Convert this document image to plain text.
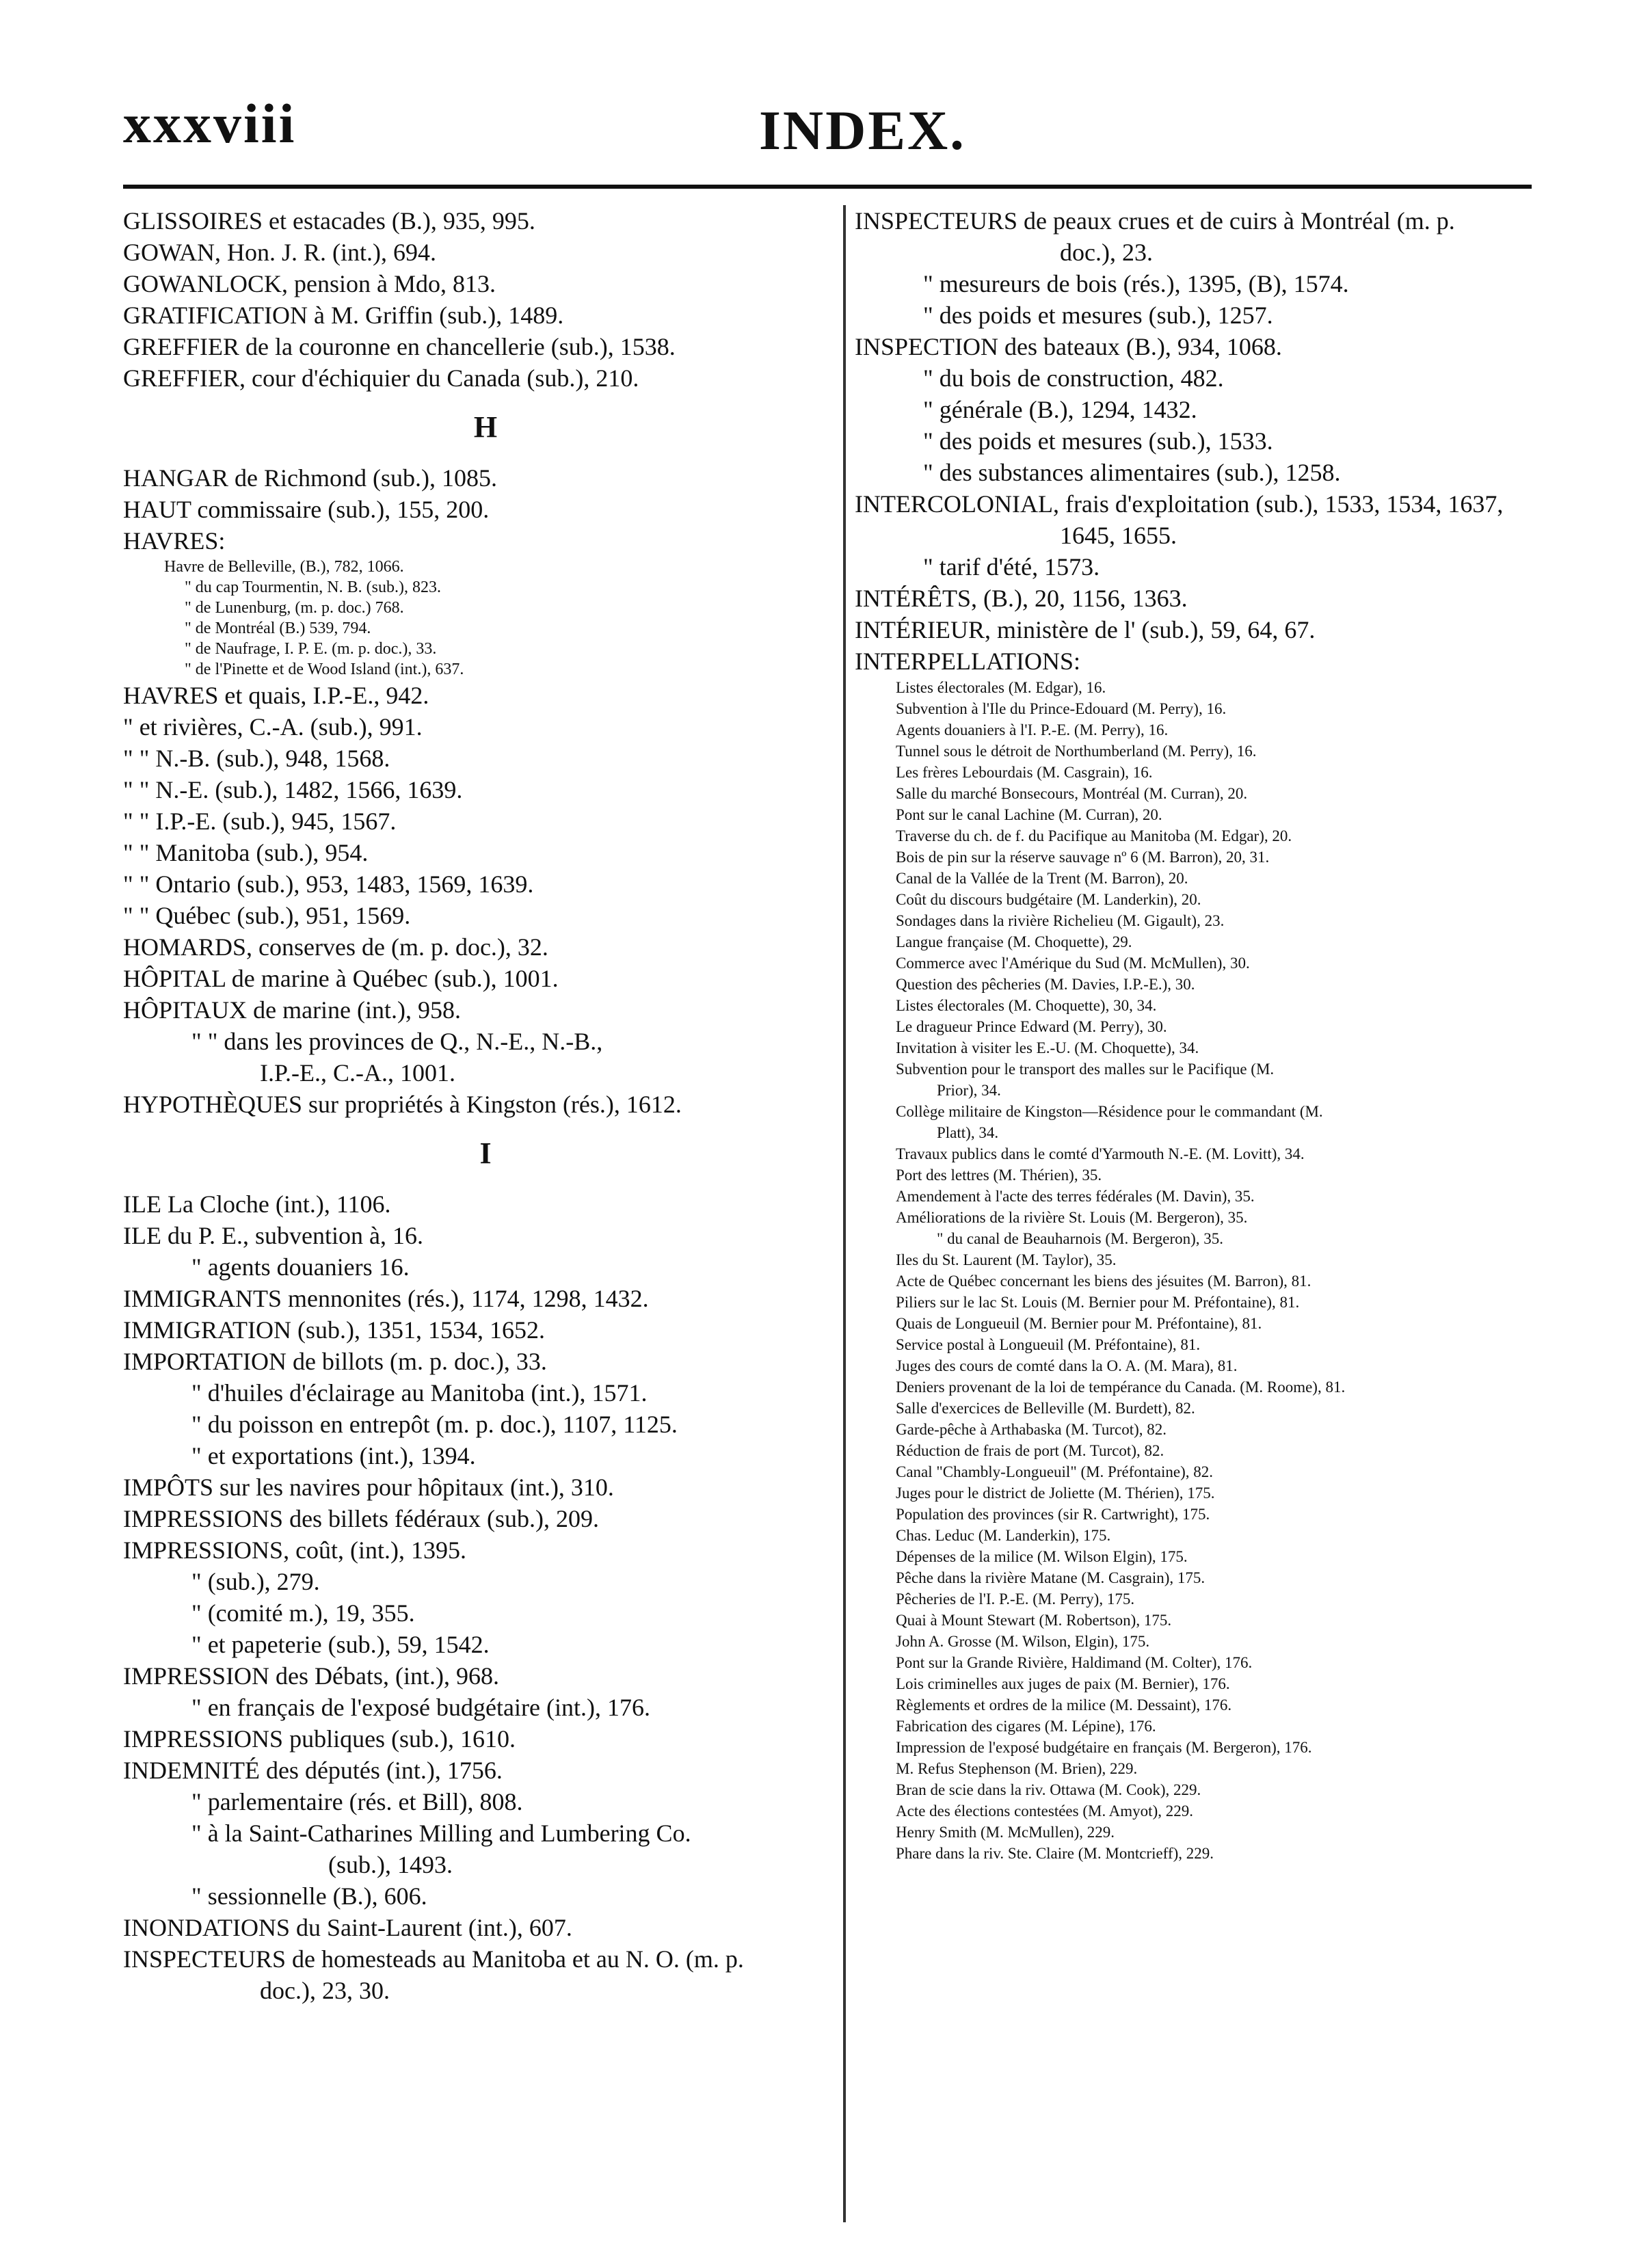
xxxviii	INDEX.
GLISSOIRES et estacades (B.), 935, 995.
GOWAN, Hon. J. R. (int.), 694.
GOWANLOCK, pension à Mdo, 813.
GRATIFICATION à M. Griffin (sub.), 1489.
GREFFIER de la couronne en chancellerie (sub.), 1538.
GREFFIER, cour d'échiquier du Canada (sub.), 210.
H
HANGAR de Richmond (sub.), 1085.
HAUT commissaire (sub.), 155, 200.
HAVRES:
Havre de Belleville, (B.), 782, 1066.
" du cap Tourmentin, N. B. (sub.), 823.
" de Lunenburg, (m. p. doc.) 768.
" de Montréal (B.) 539, 794.
" de Naufrage, I. P. E. (m. p. doc.), 33.
" de l'Pinette et de Wood Island (int.), 637.
HAVRES et quais, I.P.-E., 942.
" et rivières, C.-A. (sub.), 991.
" " N.-B. (sub.), 948, 1568.
" " N.-E. (sub.), 1482, 1566, 1639.
" " I.P.-E. (sub.), 945, 1567.
" " Manitoba (sub.), 954.
" " Ontario (sub.), 953, 1483, 1569, 1639.
" " Québec (sub.), 951, 1569.
HOMARDS, conserves de (m. p. doc.), 32.
HÔPITAL de marine à Québec (sub.), 1001.
HÔPITAUX de marine (int.), 958.
" " dans les provinces de Q., N.-E., N.-B.,
I.P.-E., C.-A., 1001.
HYPOTHÈQUES sur propriétés à Kingston (rés.), 1612.
I
ILE La Cloche (int.), 1106.
ILE du P. E., subvention à, 16.
" agents douaniers 16.
IMMIGRANTS mennonites (rés.), 1174, 1298, 1432.
IMMIGRATION (sub.), 1351, 1534, 1652.
IMPORTATION de billots (m. p. doc.), 33.
" d'huiles d'éclairage au Manitoba (int.), 1571.
" du poisson en entrepôt (m. p. doc.), 1107, 1125.
" et exportations (int.), 1394.
IMPÔTS sur les navires pour hôpitaux (int.), 310.
IMPRESSIONS des billets fédéraux (sub.), 209.
IMPRESSIONS, coût, (int.), 1395.
" (sub.), 279.
" (comité m.), 19, 355.
" et papeterie (sub.), 59, 1542.
IMPRESSION des Débats, (int.), 968.
" en français de l'exposé budgétaire (int.), 176.
IMPRESSIONS publiques (sub.), 1610.
INDEMNITÉ des députés (int.), 1756.
" parlementaire (rés. et Bill), 808.
" à la Saint-Catharines Milling and Lumbering Co.
(sub.), 1493.
" sessionnelle (B.), 606.
INONDATIONS du Saint-Laurent (int.), 607.
INSPECTEURS de homesteads au Manitoba et au N. O. (m. p.
doc.), 23, 30.
INSPECTEURS de peaux crues et de cuirs à Montréal (m. p.
doc.), 23.
" mesureurs de bois (rés.), 1395, (B), 1574.
" des poids et mesures (sub.), 1257.
INSPECTION des bateaux (B.), 934, 1068.
" du bois de construction, 482.
" générale (B.), 1294, 1432.
" des poids et mesures (sub.), 1533.
" des substances alimentaires (sub.), 1258.
INTERCOLONIAL, frais d'exploitation (sub.), 1533, 1534, 1637,
1645, 1655.
" tarif d'été, 1573.
INTÉRÊTS, (B.), 20, 1156, 1363.
INTÉRIEUR, ministère de l' (sub.), 59, 64, 67.
INTERPELLATIONS:
Listes électorales (M. Edgar), 16.
Subvention à l'Ile du Prince-Edouard (M. Perry), 16.
Agents douaniers à l'I. P.-E. (M. Perry), 16.
Tunnel sous le détroit de Northumberland (M. Perry), 16.
Les frères Lebourdais (M. Casgrain), 16.
Salle du marché Bonsecours, Montréal (M. Curran), 20.
Pont sur le canal Lachine (M. Curran), 20.
Traverse du ch. de f. du Pacifique au Manitoba (M. Edgar), 20.
Bois de pin sur la réserve sauvage nº 6 (M. Barron), 20, 31.
Canal de la Vallée de la Trent (M. Barron), 20.
Coût du discours budgétaire (M. Landerkin), 20.
Sondages dans la rivière Richelieu (M. Gigault), 23.
Langue française (M. Choquette), 29.
Commerce avec l'Amérique du Sud (M. McMullen), 30.
Question des pêcheries (M. Davies, I.P.-E.), 30.
Listes électorales (M. Choquette), 30, 34.
Le dragueur Prince Edward (M. Perry), 30.
Invitation à visiter les E.-U. (M. Choquette), 34.
Subvention pour le transport des malles sur le Pacifique (M.
Prior), 34.
Collège militaire de Kingston—Résidence pour le commandant (M.
Platt), 34.
Travaux publics dans le comté d'Yarmouth N.-E. (M. Lovitt), 34.
Port des lettres (M. Thérien), 35.
Amendement à l'acte des terres fédérales (M. Davin), 35.
Améliorations de la rivière St. Louis (M. Bergeron), 35.
" du canal de Beauharnois (M. Bergeron), 35.
Iles du St. Laurent (M. Taylor), 35.
Acte de Québec concernant les biens des jésuites (M. Barron), 81.
Piliers sur le lac St. Louis (M. Bernier pour M. Préfontaine), 81.
Quais de Longueuil (M. Bernier pour M. Préfontaine), 81.
Service postal à Longueuil (M. Préfontaine), 81.
Juges des cours de comté dans la O. A. (M. Mara), 81.
Deniers provenant de la loi de tempérance du Canada. (M. Roome), 81.
Salle d'exercices de Belleville (M. Burdett), 82.
Garde-pêche à Arthabaska (M. Turcot), 82.
Réduction de frais de port (M. Turcot), 82.
Canal "Chambly-Longueuil" (M. Préfontaine), 82.
Juges pour le district de Joliette (M. Thérien), 175.
Population des provinces (sir R. Cartwright), 175.
Chas. Leduc (M. Landerkin), 175.
Dépenses de la milice (M. Wilson Elgin), 175.
Pêche dans la rivière Matane (M. Casgrain), 175.
Pêcheries de l'I. P.-E. (M. Perry), 175.
Quai à Mount Stewart (M. Robertson), 175.
John A. Grosse (M. Wilson, Elgin), 175.
Pont sur la Grande Rivière, Haldimand (M. Colter), 176.
Lois criminelles aux juges de paix (M. Bernier), 176.
Règlements et ordres de la milice (M. Dessaint), 176.
Fabrication des cigares (M. Lépine), 176.
Impression de l'exposé budgétaire en français (M. Bergeron), 176.
M. Refus Stephenson (M. Brien), 229.
Bran de scie dans la riv. Ottawa (M. Cook), 229.
Acte des élections contestées (M. Amyot), 229.
Henry Smith (M. McMullen), 229.
Phare dans la riv. Ste. Claire (M. Montcrieff), 229.
